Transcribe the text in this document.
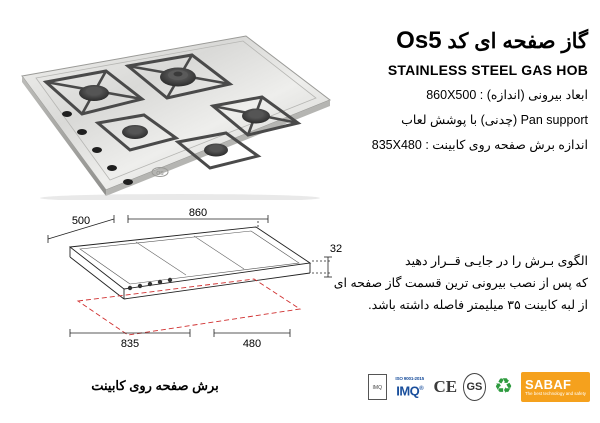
OS
گاز صفحه ای کد Os5
STAINLESS STEEL GAS HOB
ابعاد بیرونی (اندازه) : 860X500
Pan support (چدنی) با پوشش لعاب
اندازه برش صفحه روی کابینت : 835X480
الگوی بـرش را در جایـی قــرار دهید
که پس از نصب بیرونی ترین قسمت گاز صفحه ای
از لبه کابینت ۳۵ میلیمتر فاصله داشته باشد.
500
860
32
835	480
برش صفحه روی کابینت	IMQ
ISO 9001-2015
IMQ® CE GS ♻ SABAF
The best technology and safety
